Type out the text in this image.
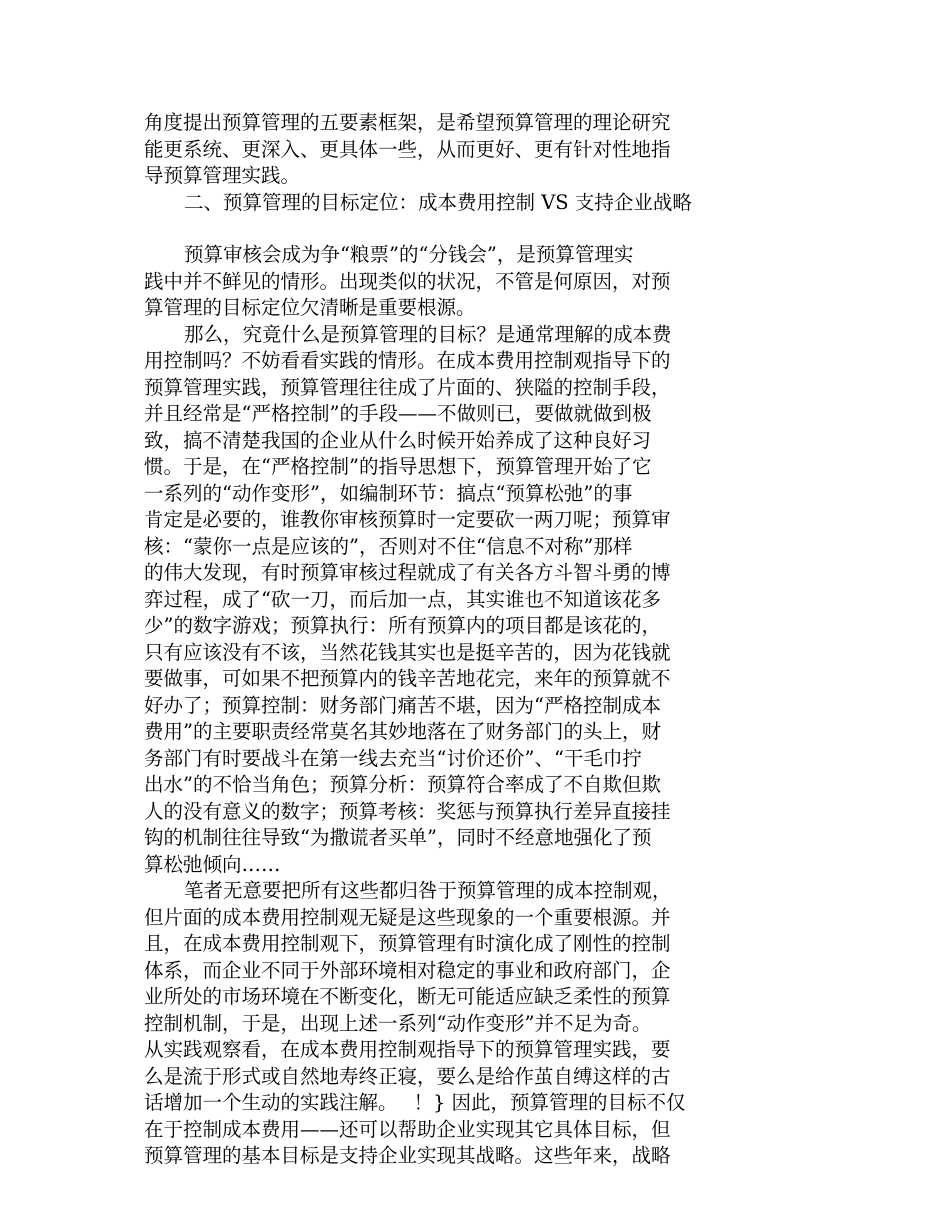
角度提出预算管理的五要素框架，是希望预算管理的理论研究
能更系统、更深入、更具体一些，从而更好、更有针对性地指
导预算管理实践。
二、预算管理的目标定位：成本费用控制 VS 支持企业战略
预算审核会成为争“粮票”的“分钱会”，是预算管理实
践中并不鲜见的情形。出现类似的状况，不管是何原因，对预
算管理的目标定位欠清晰是重要根源。
那么，究竟什么是预算管理的目标？是通常理解的成本费
用控制吗？不妨看看实践的情形。在成本费用控制观指导下的
预算管理实践，预算管理往往成了片面的、狭隘的控制手段，
并且经常是“严格控制”的手段——不做则已，要做就做到极
致，搞不清楚我国的企业从什么时候开始养成了这种良好习
惯。于是，在“严格控制”的指导思想下，预算管理开始了它
一系列的“动作变形”，如编制环节：搞点“预算松弛”的事
肯定是必要的，谁教你审核预算时一定要砍一两刀呢；预算审
核：“蒙你一点是应该的”，否则对不住“信息不对称”那样
的伟大发现，有时预算审核过程就成了有关各方斗智斗勇的博
弈过程，成了“砍一刀，而后加一点，其实谁也不知道该花多
少”的数字游戏；预算执行：所有预算内的项目都是该花的，
只有应该没有不该，当然花钱其实也是挺辛苦的，因为花钱就
要做事，可如果不把预算内的钱辛苦地花完，来年的预算就不
好办了；预算控制：财务部门痛苦不堪，因为“严格控制成本
费用”的主要职责经常莫名其妙地落在了财务部门的头上，财
务部门有时要战斗在第一线去充当“讨价还价”、“干毛巾拧
出水”的不恰当角色；预算分析：预算符合率成了不自欺但欺
人的没有意义的数字；预算考核：奖惩与预算执行差异直接挂
钩的机制往往导致“为撒谎者买单”，同时不经意地强化了预
算松弛倾向……
笔者无意要把所有这些都归咎于预算管理的成本控制观，
但片面的成本费用控制观无疑是这些现象的一个重要根源。并
且，在成本费用控制观下，预算管理有时演化成了刚性的控制
体系，而企业不同于外部环境相对稳定的事业和政府部门，企
业所处的市场环境在不断变化，断无可能适应缺乏柔性的预算
控制机制，于是，出现上述一系列“动作变形”并不足为奇。
从实践观察看，在成本费用控制观指导下的预算管理实践，要
么是流于形式或自然地寿终正寝，要么是给作茧自缚这样的古
话增加一个生动的实践注解。　 ！} 因此，预算管理的目标不仅
在于控制成本费用——还可以帮助企业实现其它具体目标，但
预算管理的基本目标是支持企业实现其战略。这些年来，战略
